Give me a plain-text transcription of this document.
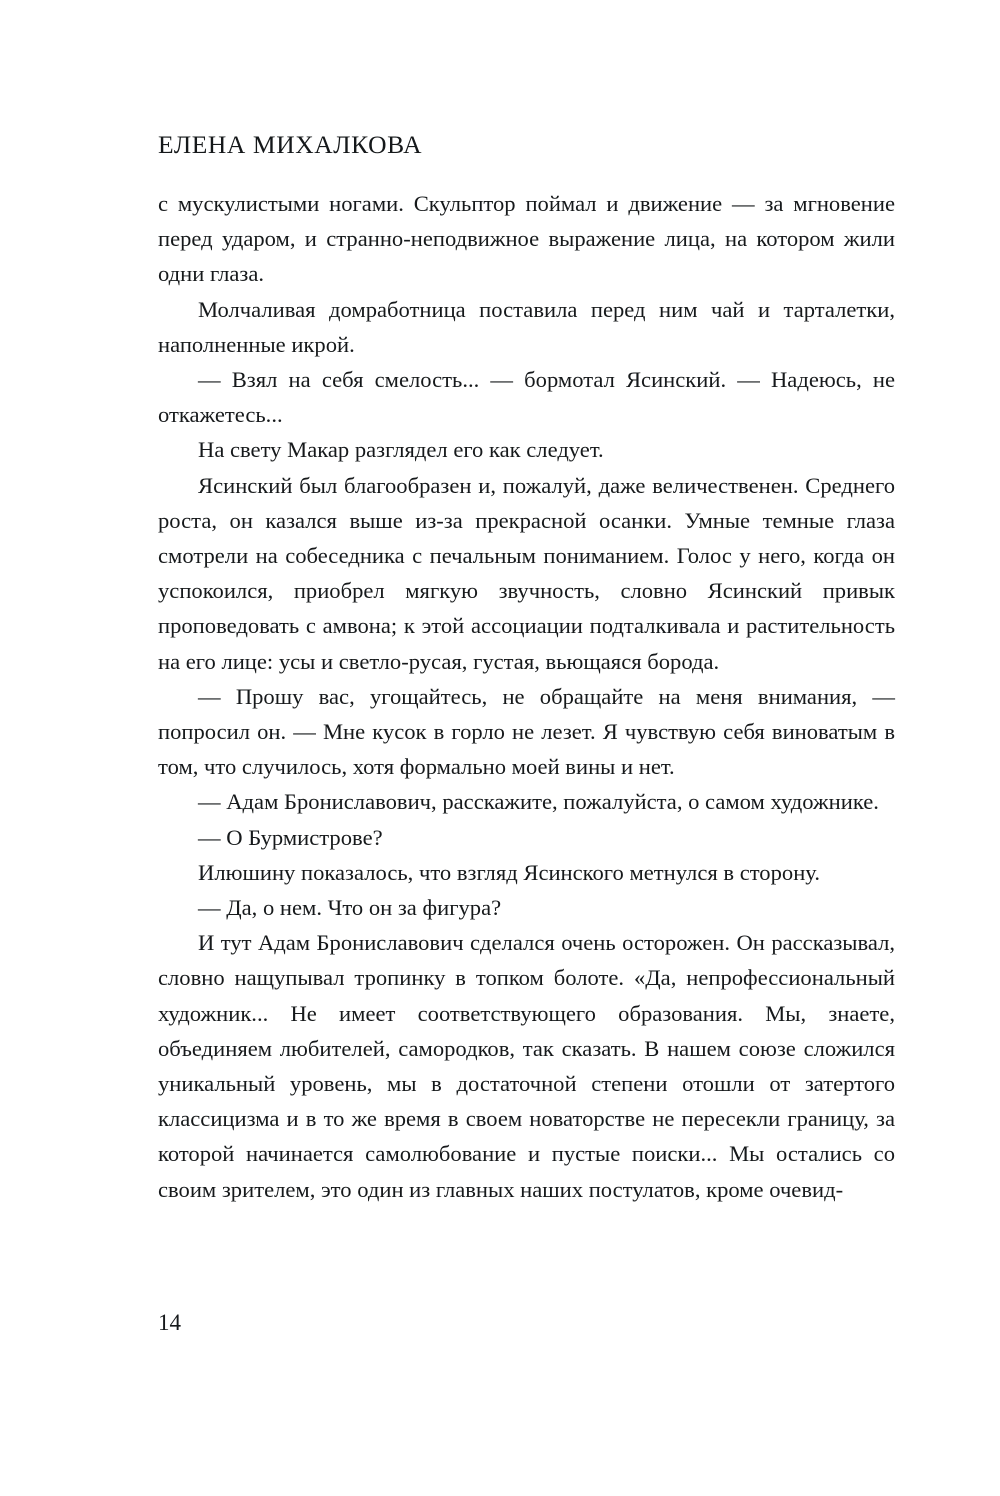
ЕЛЕНА МИХАЛКОВА

с мускулистыми ногами. Скульптор поймал и движение — за мгновение перед ударом, и странно-неподвижное выражение лица, на котором жили одни глаза.

Молчаливая домработница поставила перед ним чай и тарталетки, наполненные икрой.

— Взял на себя смелость... — бормотал Ясинский. — Надеюсь, не откажетесь...

На свету Макар разглядел его как следует.

Ясинский был благообразен и, пожалуй, даже величественен. Среднего роста, он казался выше из-за прекрасной осанки. Умные темные глаза смотрели на собеседника с печальным пониманием. Голос у него, когда он успокоился, приобрел мягкую звучность, словно Ясинский привык проповедовать с амвона; к этой ассоциации подталкивала и растительность на его лице: усы и светло-русая, густая, вьющаяся борода.

— Прошу вас, угощайтесь, не обращайте на меня внимания, — попросил он. — Мне кусок в горло не лезет. Я чувствую себя виноватым в том, что случилось, хотя формально моей вины и нет.

— Адам Брониславович, расскажите, пожалуйста, о самом художнике.

— О Бурмистрове?

Илюшину показалось, что взгляд Ясинского метнулся в сторону.

— Да, о нем. Что он за фигура?

И тут Адам Брониславович сделался очень осторожен. Он рассказывал, словно нащупывал тропинку в топком болоте. «Да, непрофессиональный художник... Не имеет соответствующего образования. Мы, знаете, объединяем любителей, самородков, так сказать. В нашем союзе сложился уникальный уровень, мы в достаточной степени отошли от затертого классицизма и в то же время в своем новаторстве не пересекли границу, за которой начинается самолюбование и пустые поиски... Мы остались со своим зрителем, это один из главных наших постулатов, кроме очевид-

14
